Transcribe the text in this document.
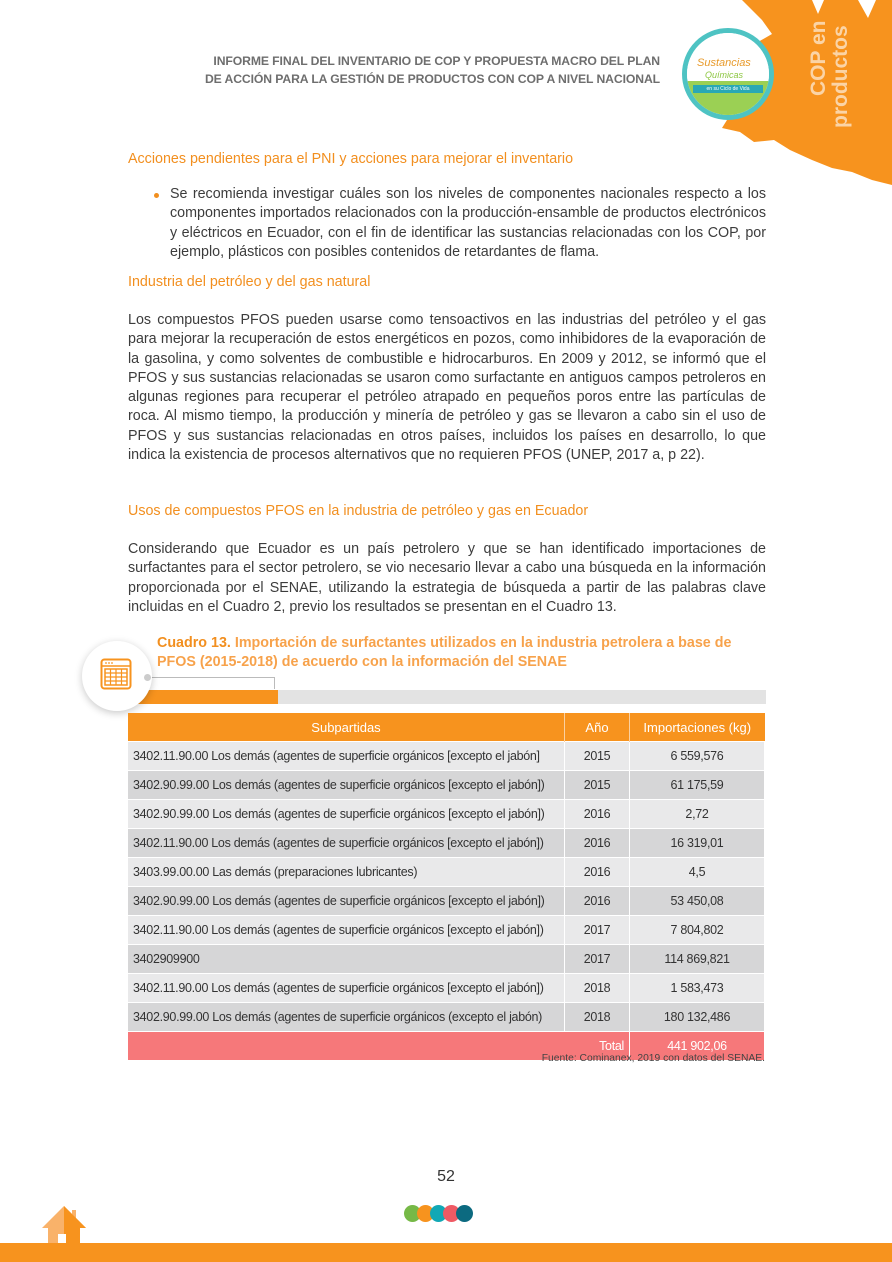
Sustancias
Químicas
en su Ciclo de Vida	COP en productos
INFORME FINAL DEL INVENTARIO DE COP Y PROPUESTA MACRO DEL PLAN
DE ACCIÓN PARA LA GESTIÓN DE PRODUCTOS CON COP A NIVEL NACIONAL
Acciones pendientes para el PNI y acciones para mejorar el inventario
Se recomienda investigar cuáles son los niveles de componentes nacionales respecto a los componentes importados relacionados con la producción-ensamble de productos electrónicos y eléctricos en Ecuador, con el fin de identificar las sustancias relacionadas con los COP, por ejemplo, plásticos con posibles contenidos de retardantes de flama.
Industria del petróleo y del gas natural
Los compuestos PFOS pueden usarse como tensoactivos en las industrias del petróleo y el gas para mejorar la recuperación de estos energéticos en pozos, como inhibidores de la evaporación de la gasolina, y como solventes de combustible e hidrocarburos. En 2009 y 2012, se informó que el PFOS y sus sustancias relacionadas se usaron como surfactante en antiguos campos petroleros en algunas regiones para recuperar el petróleo atrapado en pequeños poros entre las partículas de roca. Al mismo tiempo, la producción y minería de petróleo y gas se llevaron a cabo sin el uso de PFOS y sus sustancias relacionadas en otros países, incluidos los países en desarrollo, lo que indica la existencia de procesos alternativos que no requieren PFOS (UNEP, 2017 a, p 22).
Usos de compuestos PFOS en la industria de petróleo y gas en Ecuador
Considerando que Ecuador es un país petrolero y que se han identificado importaciones de surfactantes para el sector petrolero, se vio necesario llevar a cabo una búsqueda en la información proporcionada por el SENAE, utilizando la estrategia de búsqueda a partir de las palabras clave incluidas en el Cuadro 2, previo los resultados se presentan en el Cuadro 13.
Cuadro 13. Importación de surfactantes utilizados en la industria petrolera a base de PFOS (2015-2018) de acuerdo con la información del SENAE
Subpartidas	Año	Importaciones (kg)
3402.11.90.00 Los demás (agentes de superficie orgánicos [excepto el jabón]	2015	6 559,576
3402.90.99.00 Los demás (agentes de superficie orgánicos [excepto el jabón])	2015	61 175,59
3402.90.99.00 Los demás (agentes de superficie orgánicos [excepto el jabón])	2016	2,72
3402.11.90.00 Los demás (agentes de superficie orgánicos [excepto el jabón])	2016	16 319,01
3403.99.00.00 Las demás (preparaciones lubricantes)	2016	4,5
3402.90.99.00 Los demás (agentes de superficie orgánicos [excepto el jabón])	2016	53 450,08
3402.11.90.00 Los demás (agentes de superficie orgánicos [excepto el jabón])	2017	7 804,802
3402909900	2017	114 869,821
3402.11.90.00 Los demás (agentes de superficie orgánicos [excepto el jabón])	2018	1 583,473
3402.90.99.00 Los demás (agentes de superficie orgánicos (excepto el jabón)	2018	180 132,486
Total		441 902,06
Fuente: Cominanex, 2019 con datos del SENAE.
52
